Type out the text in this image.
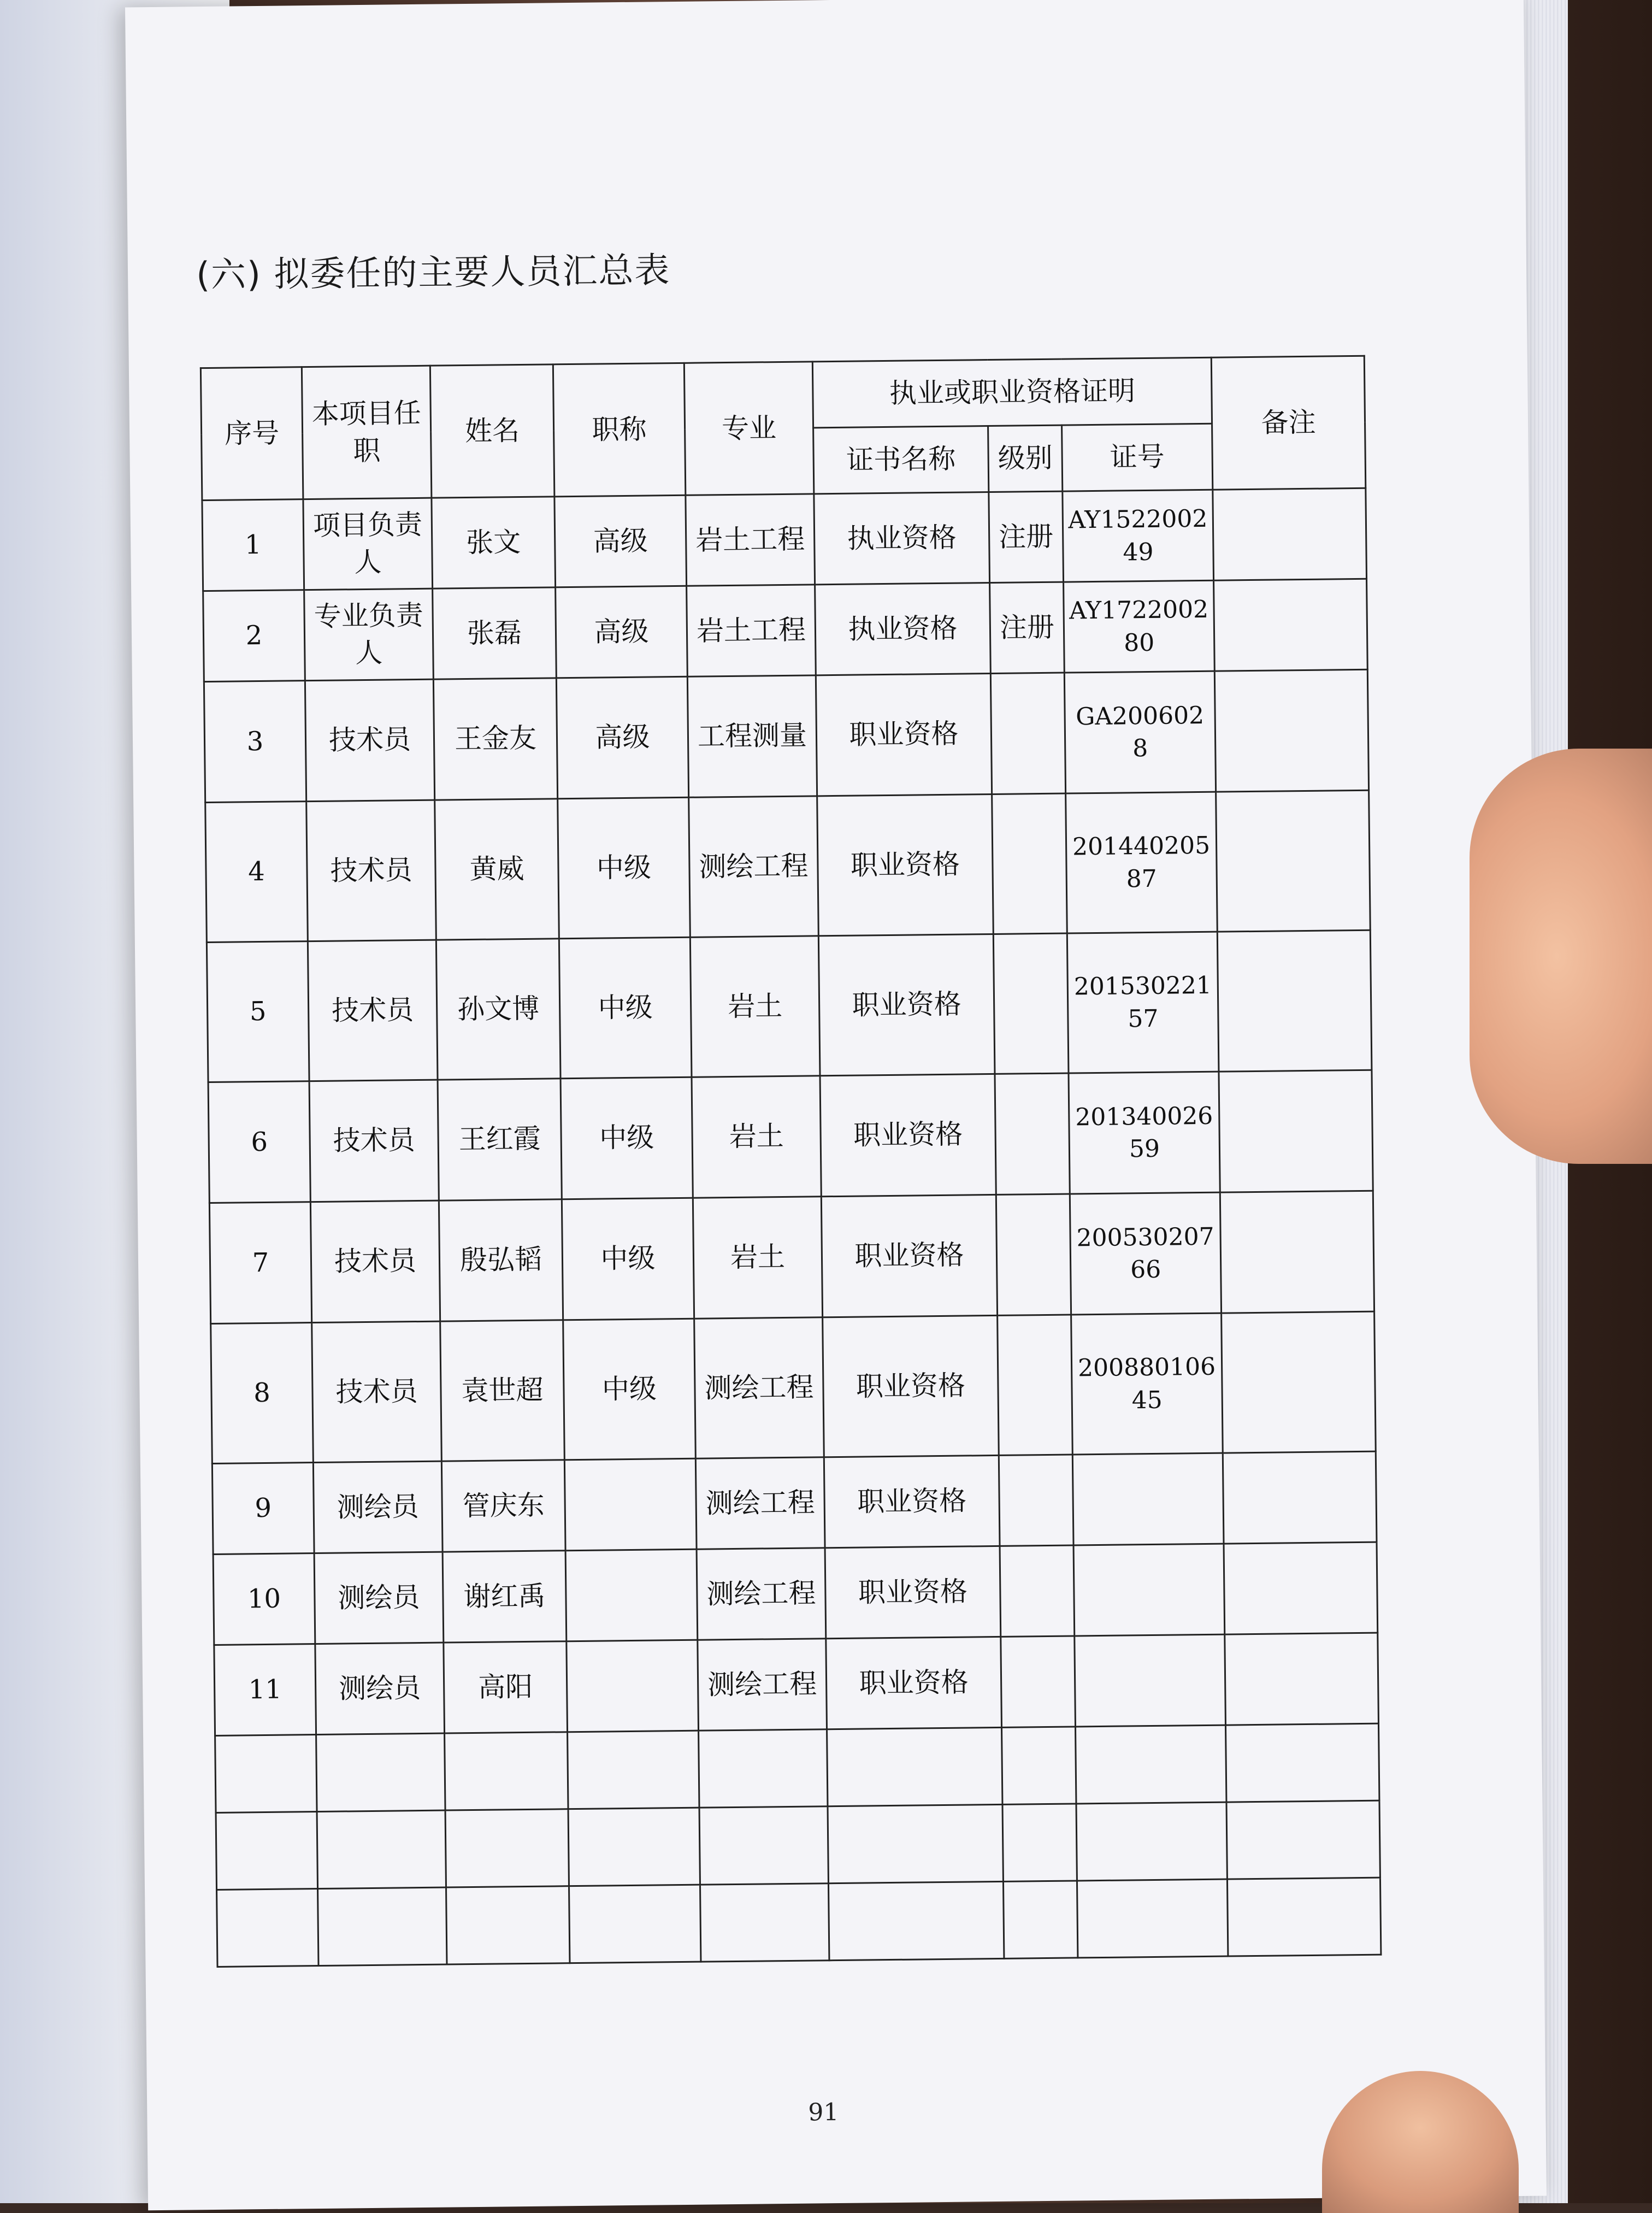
(六) 拟委任的主要人员汇总表
序号	本项目任职	姓名	职称	专业	执业或职业资格证明			备注
					证书名称	级别	证号	
1	项目负责人	张文	高级	岩土工程	执业资格	注册	AY152200249	
2	专业负责人	张磊	高级	岩土工程	执业资格	注册	AY172200280	
3	技术员	王金友	高级	工程测量	职业资格		GA2006028	
4	技术员	黄威	中级	测绘工程	职业资格		20144020587	
5	技术员	孙文博	中级	岩土	职业资格		20153022157	
6	技术员	王红霞	中级	岩土	职业资格		20134002659	
7	技术员	殷弘韬	中级	岩土	职业资格		20053020766	
8	技术员	袁世超	中级	测绘工程	职业资格		20088010645	
9	测绘员	管庆东		测绘工程	职业资格			
10	测绘员	谢红禹		测绘工程	职业资格			
11	测绘员	高阳		测绘工程	职业资格			

91
